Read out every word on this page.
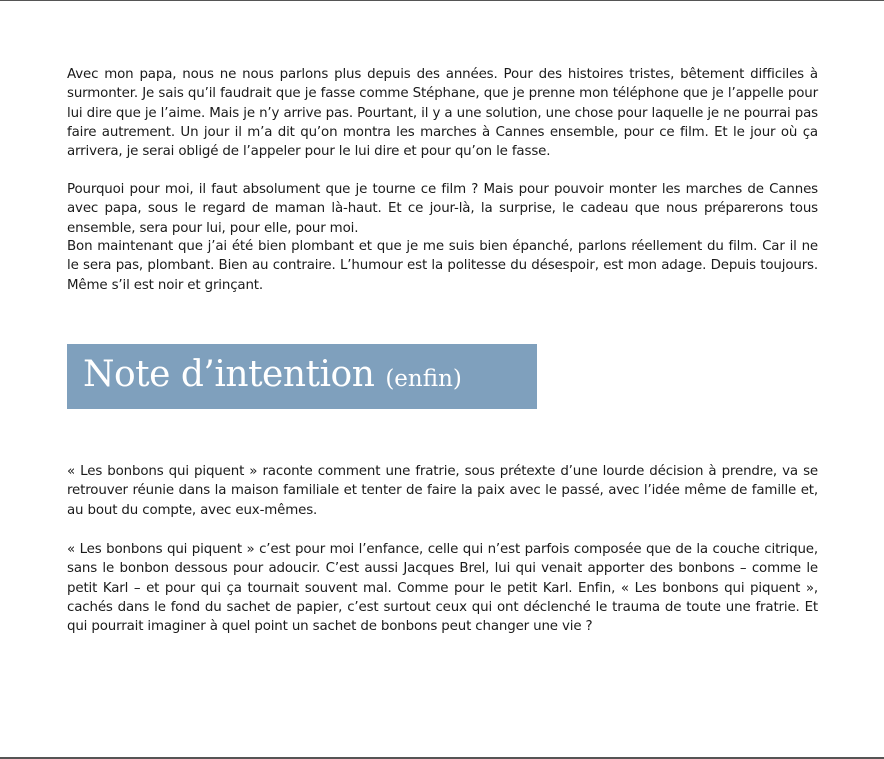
Avec mon papa, nous ne nous parlons plus depuis des années. Pour des histoires tristes, bêtement difficiles à surmonter. Je sais qu’il faudrait que je fasse comme Stéphane, que je prenne mon téléphone que je l’appelle pour lui dire que je l’aime. Mais je n’y arrive pas. Pourtant, il y a une solution, une chose pour laquelle je ne pourrai pas faire autrement. Un jour il m’a dit qu’on montra les marches à Cannes ensemble, pour ce film. Et le jour où ça arrivera, je serai obligé de l’appeler pour le lui dire et pour qu’on le fasse.

Pourquoi pour moi, il faut absolument que je tourne ce film ? Mais pour pouvoir monter les marches de Cannes avec papa, sous le regard de maman là-haut. Et ce jour-là, la surprise, le cadeau que nous préparerons tous ensemble, sera pour lui, pour elle, pour moi.

Bon maintenant que j’ai été bien plombant et que je me suis bien épanché, parlons réellement du film. Car il ne le sera pas, plombant. Bien au contraire. L’humour est la politesse du désespoir, est mon adage. Depuis toujours. Même s’il est noir et grinçant.

Note d’intention (enfin)

« Les bonbons qui piquent » raconte comment une fratrie, sous prétexte d’une lourde décision à prendre, va se retrouver réunie dans la maison familiale et tenter de faire la paix avec le passé, avec l’idée même de famille et, au bout du compte, avec eux-mêmes.

« Les bonbons qui piquent » c’est pour moi l’enfance, celle qui n’est parfois composée que de la couche citrique, sans le bonbon dessous pour adoucir. C’est aussi Jacques Brel, lui qui venait apporter des bonbons – comme le petit Karl – et pour qui ça tournait souvent mal. Comme pour le petit Karl. Enfin, « Les bonbons qui piquent », cachés dans le fond du sachet de papier, c’est surtout ceux qui ont déclenché le trauma de toute une fratrie. Et qui pourrait imaginer à quel point un sachet de bonbons peut changer une vie ?
